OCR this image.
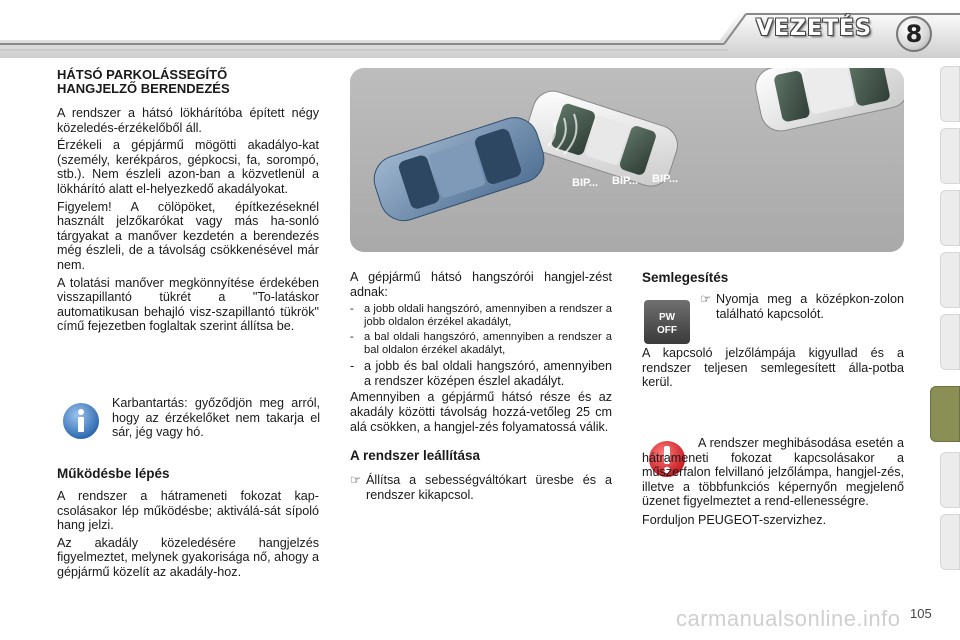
VEZETÉS	8
HÁTSÓ PARKOLÁSSEGÍTŐ
HANGJELZŐ BERENDEZÉS

A rendszer a hátsó lökhárítóba épített négy közeledés-érzékelőből áll.

Érzékeli a gépjármű mögötti akadályo-kat (személy, kerékpáros, gépkocsi, fa, sorompó, stb.). Nem észleli azon-ban a közvetlenül a lökhárító alatt el-helyezkedő akadályokat.

Figyelem! A cölöpöket, építkezéseknél használt jelzőkarókat vagy más ha-sonló tárgyakat a manőver kezdetén a berendezés még észleli, de a távolság csökkenésével már nem.

A tolatási manőver megkönnyítése érdekében visszapillantó tükrét a "To-latáskor automatikusan behajló visz-szapillantó tükrök" című fejezetben foglaltak szerint állítsa be.

Karbantartás: győződjön meg arról, hogy az érzékelőket nem takarja el sár, jég vagy hó.
Működésbe lépés

A rendszer a hátrameneti fokozat kap-csolásakor lép működésbe; aktiválá-sát sípoló hang jelzi.

Az akadály közeledésére hangjelzés figyelmeztet, melynek gyakorisága nő, ahogy a gépjármű közelít az akadály-hoz.

BIP... BIP... BIP...

A gépjármű hátsó hangszórói hangjel-zést adnak:

- a jobb oldali hangszóró, amennyiben a rendszer a jobb oldalon érzékel akadályt,
- a bal oldali hangszóró, amennyiben a rendszer a bal oldalon érzékel akadályt,
- a jobb és bal oldali hangszóró, amennyiben a rendszer középen észlel akadályt.

Amennyiben a gépjármű hátsó része és az akadály közötti távolság hozzá-vetőleg 25 cm alá csökken, a hangjel-zés folyamatossá válik.

A rendszer leállítása
☞ Állítsa a sebességváltókart üresbe és a rendszer kikapcsol.
Semlegesítés
PW
OFF
☞ Nyomja meg a középkon-zolon található kapcsolót.
A kapcsoló jelzőlámpája kigyullad és a rendszer teljesen semlegesített álla-potba kerül.

A rendszer meghibásodása esetén a hátrameneti fokozat kapcsolásakor a műszerfalon felvillanó jelzőlámpa, hangjel-zés, illetve a többfunkciós képernyőn megjelenő üzenet figyelmeztet a rend-ellenességre.

Forduljon PEUGEOT-szervizhez.

carmanualsonline.info 105
